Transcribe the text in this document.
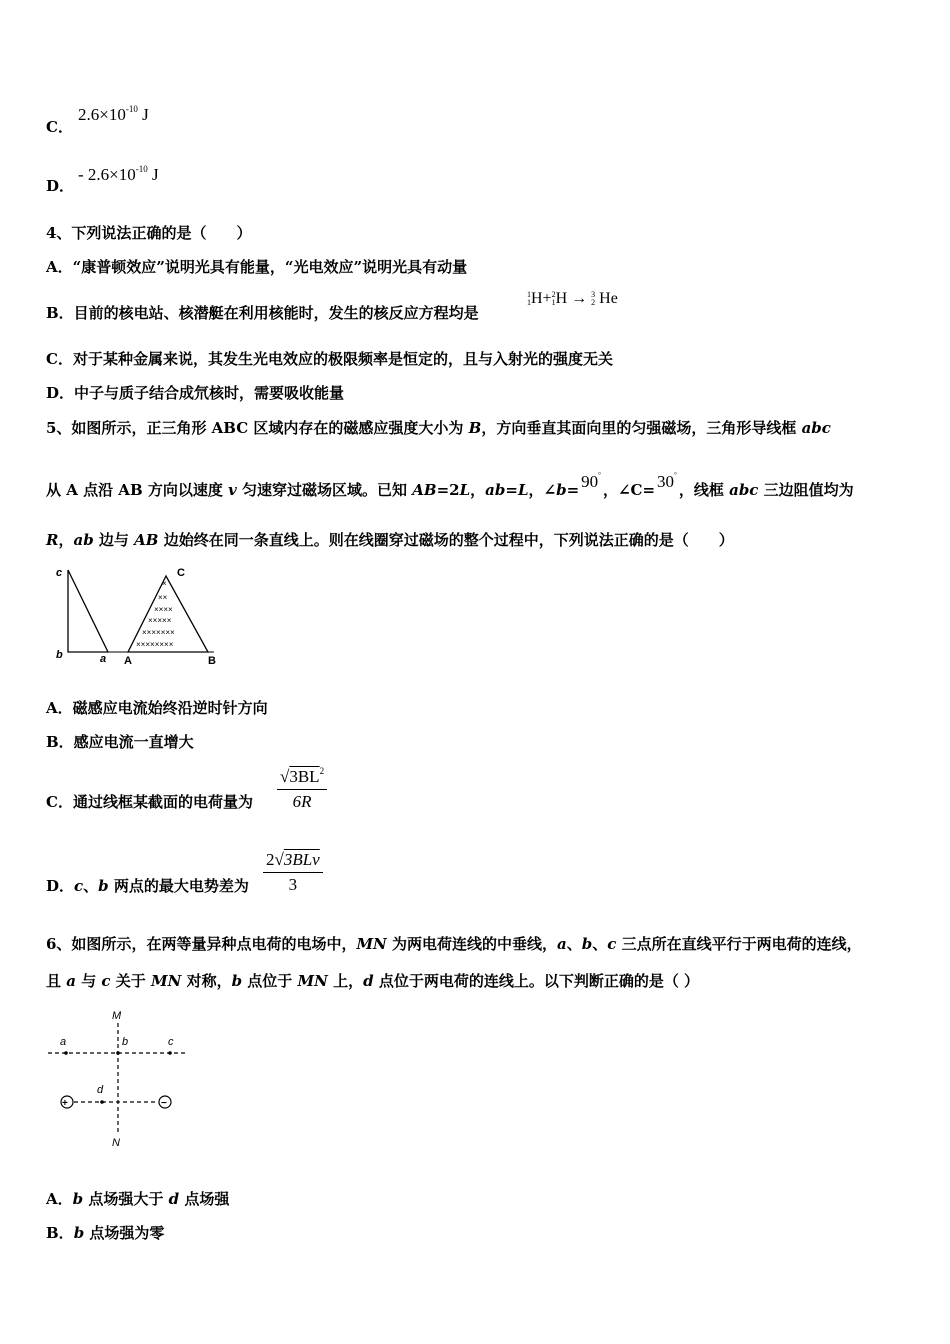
C．
$2.6\times 10^{-10}$ J
D．
- $2.6\times 10^{-10}$ J
4、下列说法正确的是（　　）
A．“康普顿效应”说明光具有能量，“光电效应”说明光具有动量
B．目前的核电站、核潜艇在利用核能时，发生的核反应方程均是
1
1H+2
1H → 3
2 He
C．对于某种金属来说，其发生光电效应的极限频率是恒定的，且与入射光的强度无关
D．中子与质子结合成氘核时，需要吸收能量
5、如图所示，正三角形 ABC 区域内存在的磁感应强度大小为 B，方向垂直其面向里的匀强磁场，三角形导线框 abc
从 A 点沿 AB 方向以速度 v 匀速穿过磁场区域。已知 AB=2L，ab=L，∠b= 90°，∠C= 30°，线框 abc 三边阻值均为
R，ab 边与 AB 边始终在同一条直线上。则在线圈穿过磁场的整个过程中，下列说法正确的是（　　）
×
××
××××
×××××
×××××××
××××××××
c
b	a A	B
C
A．磁感应电流始终沿逆时针方向
B．感应电流一直增大
C．通过线框某截面的电荷量为 $\frac{√3BL^2}{6R}$
D．c、b 两点的最大电势差为
2√3BLv
3
6、如图所示，在两等量异种点电荷的电场中，MN 为两电荷连线的中垂线，a、b、c 三点所在直线平行于两电荷的连线，
且 a 与 c 关于 MN 对称，b 点位于 MN 上，d 点位于两电荷的连线上。以下判断正确的是（ ）
+	−
M
a	b	c
d
N
A．b 点场强大于 d 点场强
B．b 点场强为零
